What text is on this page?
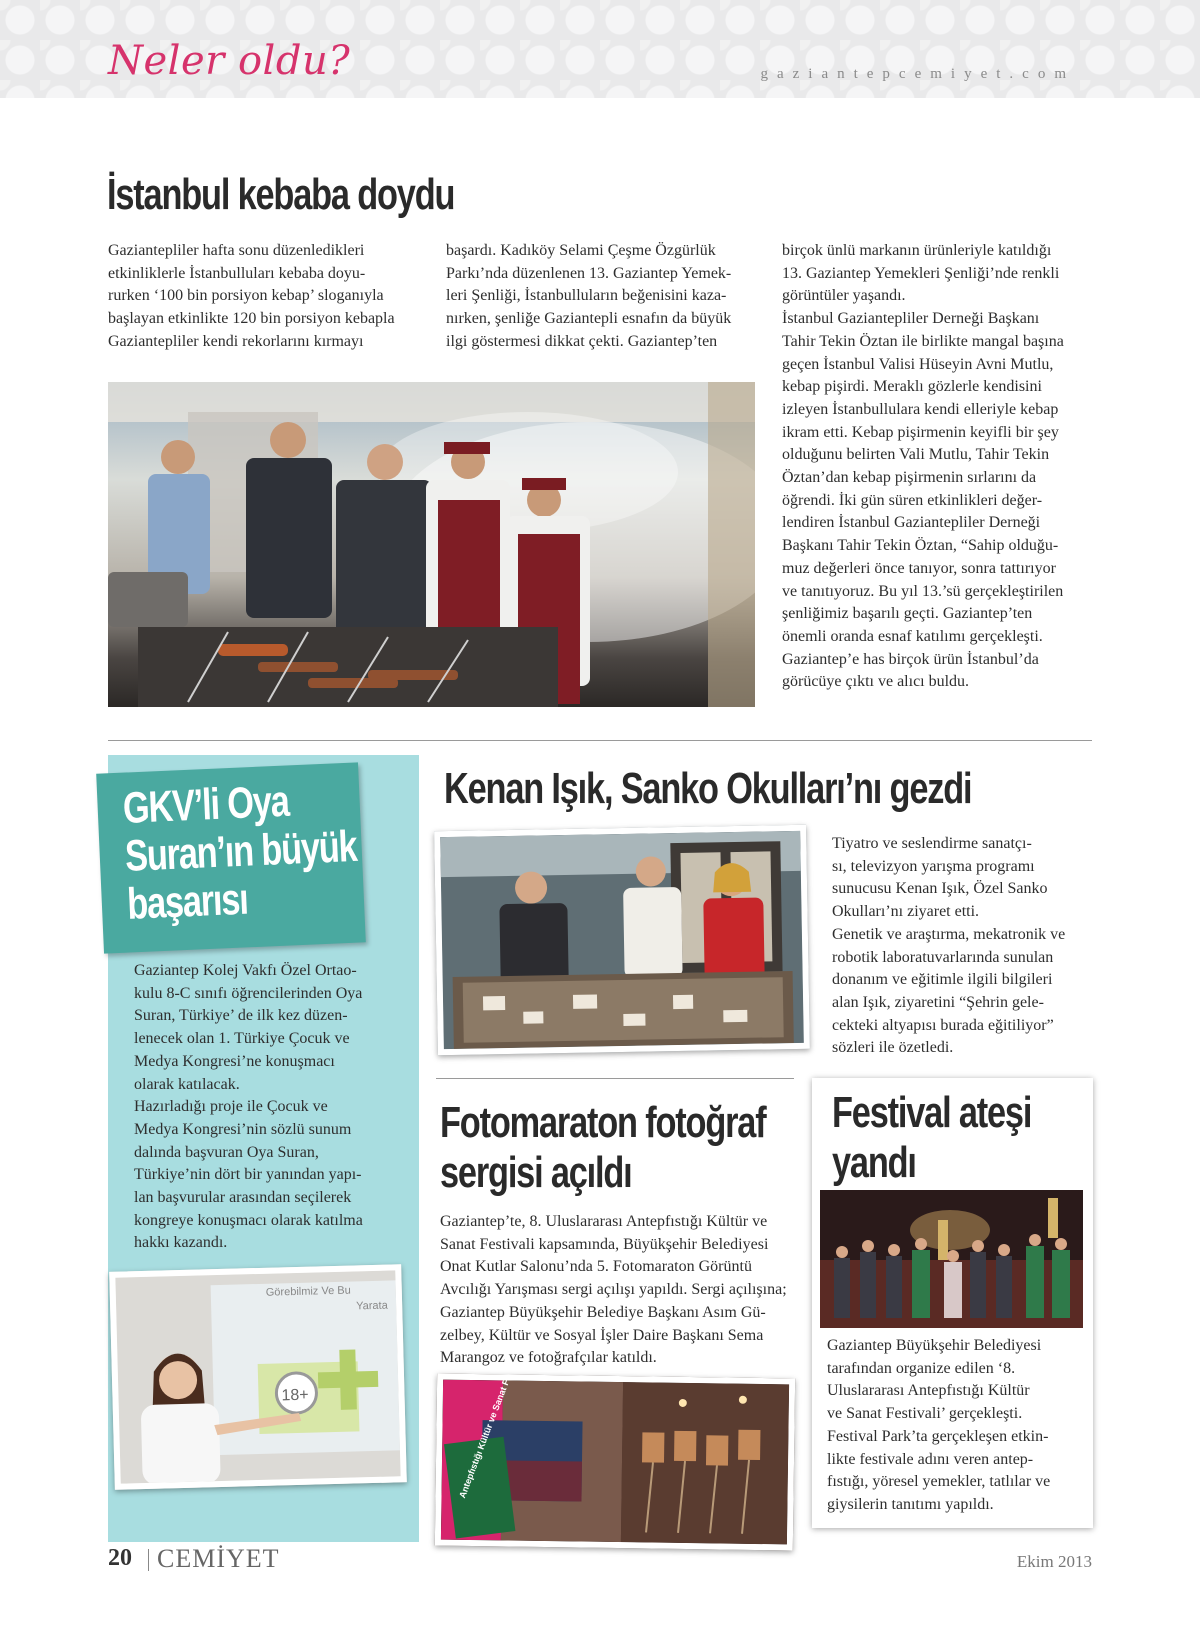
Neler oldu?	gaziantepcemiyet.com
İstanbul kebaba doydu

Gaziantepliler hafta sonu düzenledikleri

etkinliklerle İstanbulluları kebaba doyu-

rurken ‘100 bin porsiyon kebap’ sloganıyla

başlayan etkinlikte 120 bin porsiyon kebapla

Gaziantepliler kendi rekorlarını kırmayı

başardı. Kadıköy Selami Çeşme Özgürlük

Parkı’nda düzenlenen 13. Gaziantep Yemek-

leri Şenliği, İstanbulluların beğenisini kaza-

nırken, şenliğe Gaziantepli esnafın da büyük

ilgi göstermesi dikkat çekti. Gaziantep’ten

birçok ünlü markanın ürünleriyle katıldığı

13. Gaziantep Yemekleri Şenliği’nde renkli

görüntüler yaşandı.

İstanbul Gaziantepliler Derneği Başkanı

Tahir Tekin Öztan ile birlikte mangal başına

geçen İstanbul Valisi Hüseyin Avni Mutlu,

kebap pişirdi. Meraklı gözlerle kendisini

izleyen İstanbullulara kendi elleriyle kebap

ikram etti. Kebap pişirmenin keyifli bir şey

olduğunu belirten Vali Mutlu, Tahir Tekin

Öztan’dan kebap pişirmenin sırlarını da

öğrendi. İki gün süren etkinlikleri değer-

lendiren İstanbul Gaziantepliler Derneği

Başkanı Tahir Tekin Öztan, “Sahip olduğu-

muz değerleri önce tanıyor, sonra tattırıyor

ve tanıtıyoruz. Bu yıl 13.’sü gerçekleştirilen

şenliğimiz başarılı geçti. Gaziantep’ten

önemli oranda esnaf katılımı gerçekleşti.

Gaziantep’e has birçok ürün İstanbul’da

görücüye çıktı ve alıcı buldu.

GKV’li Oya
Suran’ın büyük
başarısı

Gaziantep Kolej Vakfı Özel Ortao-

kulu 8-C sınıfı öğrencilerinden Oya

Suran, Türkiye’ de ilk kez düzen-

lenecek olan 1. Türkiye Çocuk ve

Medya Kongresi’ne konuşmacı

olarak katılacak.

Hazırladığı proje ile Çocuk ve

Medya Kongresi’nin sözlü sunum

dalında başvuran Oya Suran,

Türkiye’nin dört bir yanından yapı-

lan başvurular arasından seçilerek

kongreye konuşmacı olarak katılma

hakkı kazandı.

18+
Görebilmiz Ve Bu
Yarata
Kenan Işık, Sanko Okulları’nı gezdi

Tiyatro ve seslendirme sanatçı-

sı, televizyon yarışma programı

sunucusu Kenan Işık, Özel Sanko

Okulları’nı ziyaret etti.

Genetik ve araştırma, mekatronik ve

robotik laboratuvarlarında sunulan

donanım ve eğitimle ilgili bilgileri

alan Işık, ziyaretini “Şehrin gele-

cekteki altyapısı burada eğitiliyor”

sözleri ile özetledi.

Fotomaraton fotoğraf
sergisi açıldı

Gaziantep’te, 8. Uluslararası Antepfıstığı Kültür ve

Sanat Festivali kapsamında, Büyükşehir Belediyesi

Onat Kutlar Salonu’nda 5. Fotomaraton Görüntü

Avcılığı Yarışması sergi açılışı yapıldı. Sergi açılışına;

Gaziantep Büyükşehir Belediye Başkanı Asım Gü-

zelbey, Kültür ve Sosyal İşler Daire Başkanı Sema

Marangoz ve fotoğrafçılar katıldı.

Antepfıstığı Kültür ve Sanat
Festival ateşi
yandı

Gaziantep Büyükşehir Belediyesi

tarafından organize edilen ‘8.

Uluslararası Antepfıstığı Kültür

ve Sanat Festivali’ gerçekleşti.

Festival Park’ta gerçekleşen etkin-

likte festivale adını veren antep-

fıstığı, yöresel yemekler, tatlılar ve

giysilerin tanıtımı yapıldı.

20 CEMİYET	Ekim 2013
